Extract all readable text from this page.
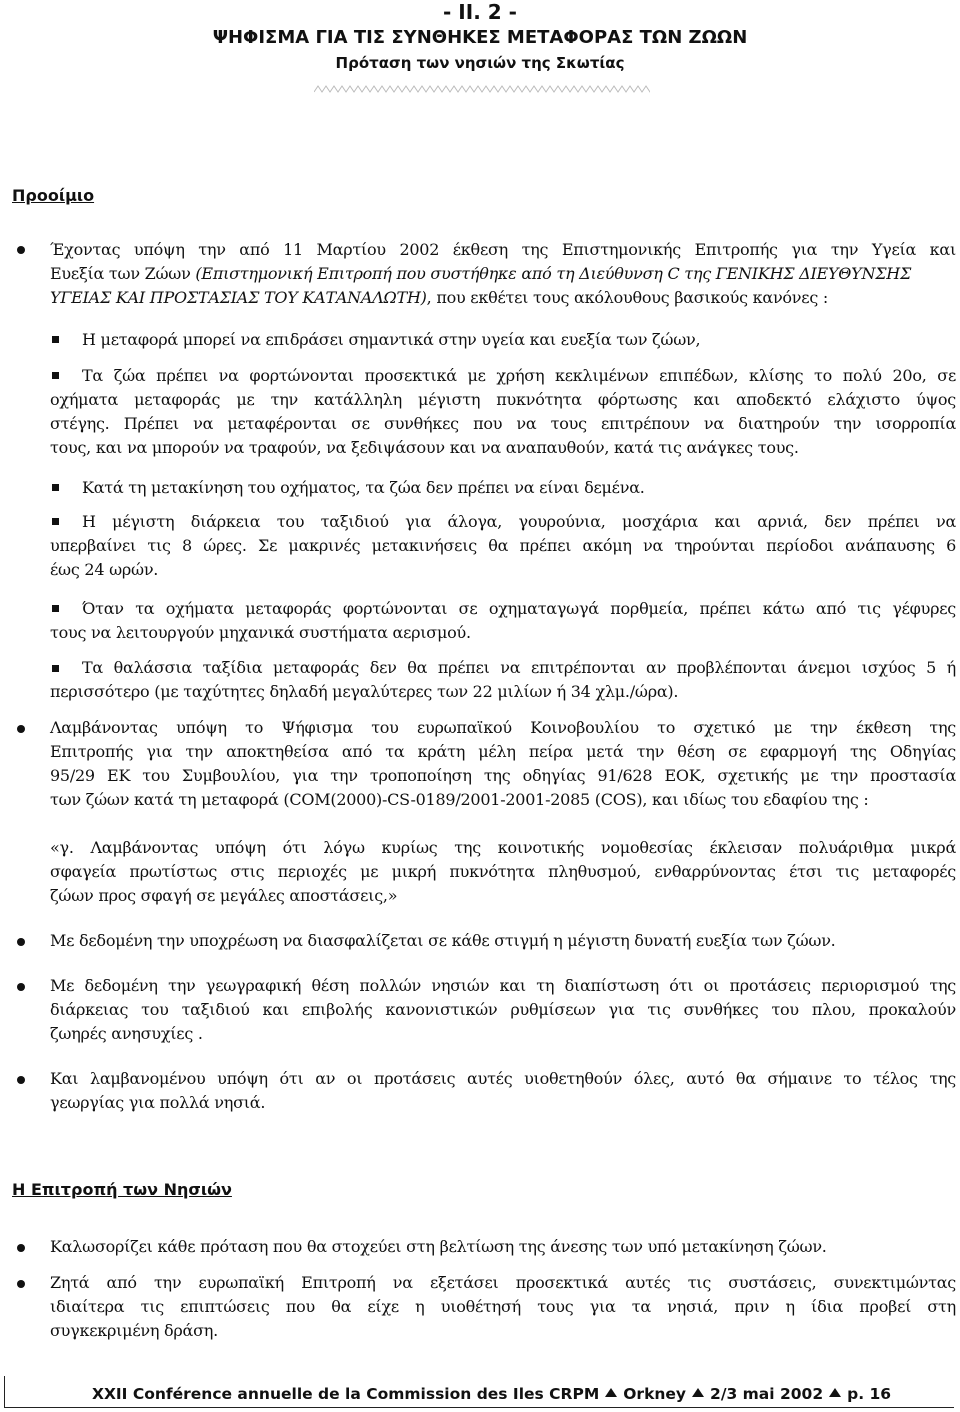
- II. 2 -
ΨΗΦΙΣΜΑ ΓΙΑ ΤΙΣ ΣΥΝΘΗΚΕΣ ΜΕΤΑΦΟΡΑΣ ΤΩΝ ΖΩΩΝ
Πρόταση των νησιών της Σκωτίας
Προοίμιο
Έχοντας υπόψη την από 11 Μαρτίου 2002 έκθεση της Επιστημονικής Επιτροπής για την Υγεία και
Ευεξία των Ζώων (Επιστημονική Επιτροπή που συστήθηκε από τη Διεύθυνση C της ΓΕΝΙΚΗΣ ΔΙΕΥΘΥΝΣΗΣ
ΥΓΕΙΑΣ ΚΑΙ ΠΡΟΣΤΑΣΙΑΣ ΤΟΥ ΚΑΤΑΝΑΛΩΤΗ), που εκθέτει τους ακόλουθους βασικούς κανόνες :
Η μεταφορά μπορεί να επιδράσει σημαντικά στην υγεία και ευεξία των ζώων,
Τα ζώα πρέπει να φορτώνονται προσεκτικά με χρήση κεκλιμένων επιπέδων, κλίσης το πολύ 20ο, σε
οχήματα μεταφοράς με την κατάλληλη μέγιστη πυκνότητα φόρτωσης και αποδεκτό ελάχιστο ύψος
στέγης. Πρέπει να μεταφέρονται σε συνθήκες που να τους επιτρέπουν να διατηρούν την ισορροπία
τους, και να μπορούν να τραφούν, να ξεδιψάσουν και να αναπαυθούν, κατά τις ανάγκες τους.
Κατά τη μετακίνηση του οχήματος, τα ζώα δεν πρέπει να είναι δεμένα.
Η μέγιστη διάρκεια του ταξιδιού για άλογα, γουρούνια, μοσχάρια και αρνιά, δεν πρέπει να
υπερβαίνει τις 8 ώρες. Σε μακρινές μετακινήσεις θα πρέπει ακόμη να τηρούνται περίοδοι ανάπαυσης 6
έως 24 ωρών.
Όταν τα οχήματα μεταφοράς φορτώνονται σε οχηματαγωγά πορθμεία, πρέπει κάτω από τις γέφυρες
τους να λειτουργούν μηχανικά συστήματα αερισμού.
Τα θαλάσσια ταξίδια μεταφοράς δεν θα πρέπει να επιτρέπονται αν προβλέπονται άνεμοι ισχύος 5 ή
περισσότερο (με ταχύτητες δηλαδή μεγαλύτερες των 22 μιλίων ή 34 χλμ./ώρα).
Λαμβάνοντας υπόψη το Ψήφισμα του ευρωπαϊκού Κοινοβουλίου το σχετικό με την έκθεση της
Επιτροπής για την αποκτηθείσα από τα κράτη μέλη πείρα μετά την θέση σε εφαρμογή της Οδηγίας
95/29 ΕΚ του Συμβουλίου, για την τροποποίηση της οδηγίας 91/628 ΕΟΚ, σχετικής με την προστασία
των ζώων κατά τη μεταφορά (COM(2000)-CS-0189/2001-2001-2085 (COS), και ιδίως του εδαφίου της :
«γ. Λαμβάνοντας υπόψη ότι λόγω κυρίως της κοινοτικής νομοθεσίας έκλεισαν πολυάριθμα μικρά
σφαγεία πρωτίστως στις περιοχές με μικρή πυκνότητα πληθυσμού, ενθαρρύνοντας έτσι τις μεταφορές
ζώων προς σφαγή σε μεγάλες αποστάσεις,»
Με δεδομένη την υποχρέωση να διασφαλίζεται σε κάθε στιγμή η μέγιστη δυνατή ευεξία των ζώων.
Με δεδομένη την γεωγραφική θέση πολλών νησιών και τη διαπίστωση ότι οι προτάσεις περιορισμού της
διάρκειας του ταξιδιού και επιβολής κανονιστικών ρυθμίσεων για τις συνθήκες του πλου, προκαλούν
ζωηρές ανησυχίες .
Και λαμβανομένου υπόψη ότι αν οι προτάσεις αυτές υιοθετηθούν όλες, αυτό θα σήμαινε το τέλος της
γεωργίας για πολλά νησιά.
Η Επιτροπή των Νησιών
Καλωσορίζει κάθε πρόταση που θα στοχεύει στη βελτίωση της άνεσης των υπό μετακίνηση ζώων.
Ζητά από την ευρωπαϊκή Επιτροπή να εξετάσει προσεκτικά αυτές τις συστάσεις, συνεκτιμώντας
ιδιαίτερα τις επιπτώσεις που θα είχε η υιοθέτησή τους για τα νησιά, πριν η ίδια προβεί στη
συγκεκριμένη δράση.
XXII Conférence annuelle de la Commission des Iles CRPM Orkney 2/3 mai 2002 p. 16
